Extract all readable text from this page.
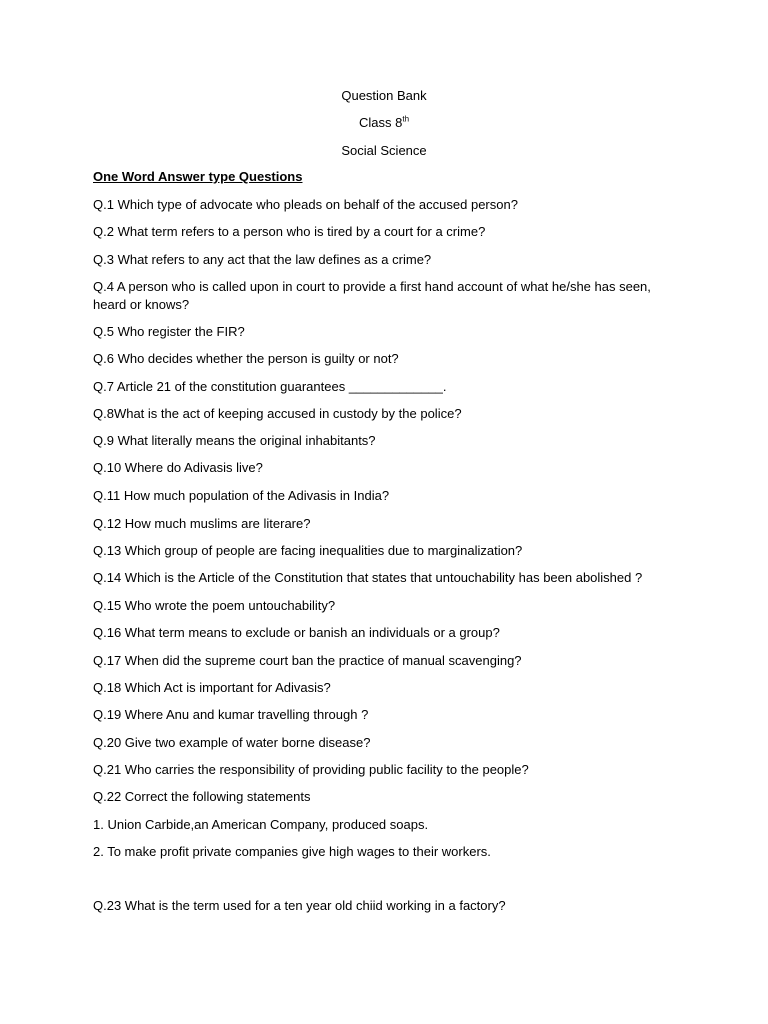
Question Bank
Class 8th
Social Science
One Word Answer type Questions
Q.1 Which type of advocate who pleads on behalf of the accused person?
Q.2 What term refers to a person who is tired by a court for a crime?
Q.3 What refers to any act that the law defines as a crime?
Q.4 A person who is called upon in court to provide a first hand account of what he/she has seen, heard or knows?
Q.5 Who register the FIR?
Q.6 Who decides whether the person is guilty or not?
Q.7 Article 21 of the constitution guarantees _____________.
Q.8What is the act of keeping accused in custody by the police?
Q.9 What literally means the original inhabitants?
Q.10 Where do Adivasis live?
Q.11 How much population of the Adivasis in India?
Q.12 How much muslims are literare?
Q.13 Which group of people are facing inequalities due to marginalization?
Q.14 Which is the Article of the Constitution that states that untouchability has been abolished ?
Q.15 Who wrote the poem untouchability?
Q.16 What term means to exclude or banish an individuals or a group?
Q.17 When did the supreme court ban the practice of manual scavenging?
Q.18 Which Act is important for Adivasis?
Q.19 Where Anu and kumar travelling through ?
Q.20 Give two example of water borne disease?
Q.21 Who carries the responsibility of providing public facility to the people?
Q.22 Correct the following statements
1. Union Carbide,an American Company, produced soaps.
2. To make profit private companies give high wages to their workers.
Q.23 What is the term used for a ten year old chiid working in a factory?
